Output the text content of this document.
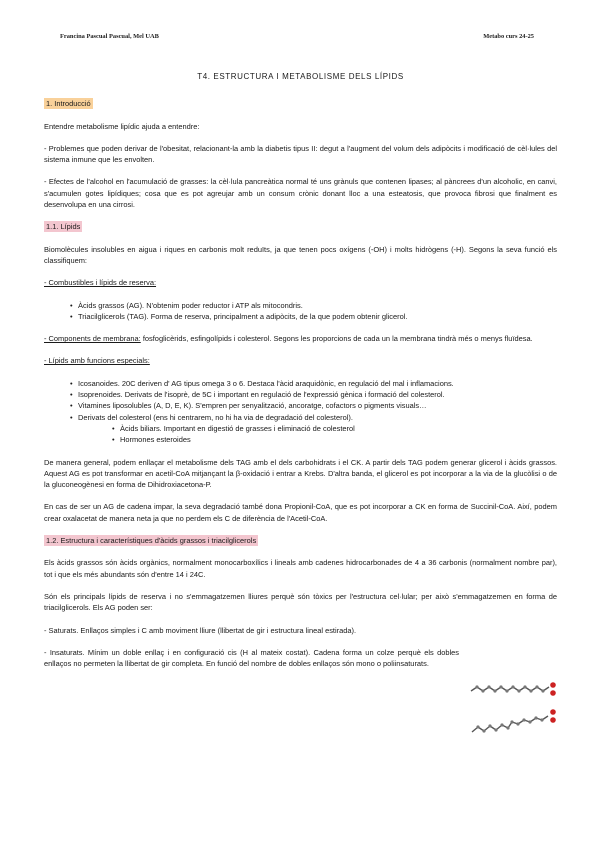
Francina Pascual Pascual, Mel UAB	Metabo curs 24-25
T4. ESTRUCTURA I METABOLISME DELS LÍPIDS
1. Introducció

Entendre metabolisme lipídic ajuda a entendre:

- Problemes que poden derivar de l'obesitat, relacionant-la amb la diabetis tipus II: degut a l'augment del volum dels adipòcits i modificació de cèl·lules del sistema inmune que les envolten.

- Efectes de l'alcohol en l'acumulació de grasses: la cèl·lula pancreàtica normal té uns grànuls que contenen lipases; al pàncrees d'un alcoholic, en canvi, s'acumulen gotes lipídiques; cosa que es pot agreujar amb un consum crònic donant lloc a una esteatosis, que provoca fibrosi que finalment es desenvolupa en una cirrosi.

1.1. Lípids

Biomolècules insolubles en aigua i riques en carbonis molt reduïts, ja que tenen pocs oxígens (-OH) i molts hidrògens (-H). Segons la seva funció els classifiquem:

- Combustibles i lípids de reserva:

• Àcids grassos (AG). N'obtenim poder reductor i ATP als mitocondris.
• Triacilglicerols (TAG). Forma de reserva, principalment a adipòcits, de la que podem obtenir glicerol.

- Components de membrana: fosfoglicèrids, esfingolípids i colesterol. Segons les proporcions de cada un la membrana tindrà més o menys fluïdesa.

- Lípids amb funcions especials:

• Icosanoides. 20C deriven d' AG tipus omega 3 o 6. Destaca l'àcid araquidònic, en regulació del mal i inflamacions.
• Isoprenoides. Derivats de l'isoprè, de 5C i important en regulació de l'expressió gènica i formació del colesterol.
• Vitamines liposolubles (A, D, E, K). S'empren per senyalització, ancoratge, cofactors o pigments visuals…
• Derivats del colesterol (ens hi centrarem, no hi ha via de degradació del colesterol).
• Àcids biliars. Important en digestió de grasses i eliminació de colesterol
• Hormones esteroides

De manera general, podem enllaçar el metabolisme dels TAG amb el dels carbohidrats i el CK. A partir dels TAG podem generar glicerol i àcids grassos. Aquest AG es pot transformar en acetil-CoA mitjançant la β-oxidació i entrar a Krebs. D'altra banda, el glicerol es pot incorporar a la via de la glucòlisi o de la gluconeogènesi en forma de Dihidroxiacetona-P.

En cas de ser un AG de cadena impar, la seva degradació també dona Propionil-CoA, que es pot incorporar a CK en forma de Succinil-CoA. Així, podem crear oxalacetat de manera neta ja que no perdem els C de diferència de l'Acetil-CoA.

1.2. Estructura i característiques d'àcids grassos i triacilglicerols

Els àcids grassos són àcids orgànics, normalment monocarboxílics i lineals amb cadenes hidrocarbonades de 4 a 36 carbonis (normalment nombre par), tot i que els més abundants són d'entre 14 i 24C.

Són els principals lípids de reserva i no s'emmagatzemen lliures perquè són tòxics per l'estructura cel·lular; per això s'emmagatzemen en forma de triacilglicerols. Els AG poden ser:

- Saturats. Enllaços simples i C amb moviment lliure (llibertat de gir i estructura lineal estirada).

- Insaturats. Mínim un doble enllaç i en configuració cis (H al mateix costat). Cadena forma un colze perquè els dobles enllaços no permeten la llibertat de gir completa. En funció del nombre de dobles enllaços són mono o poliinsaturats.
